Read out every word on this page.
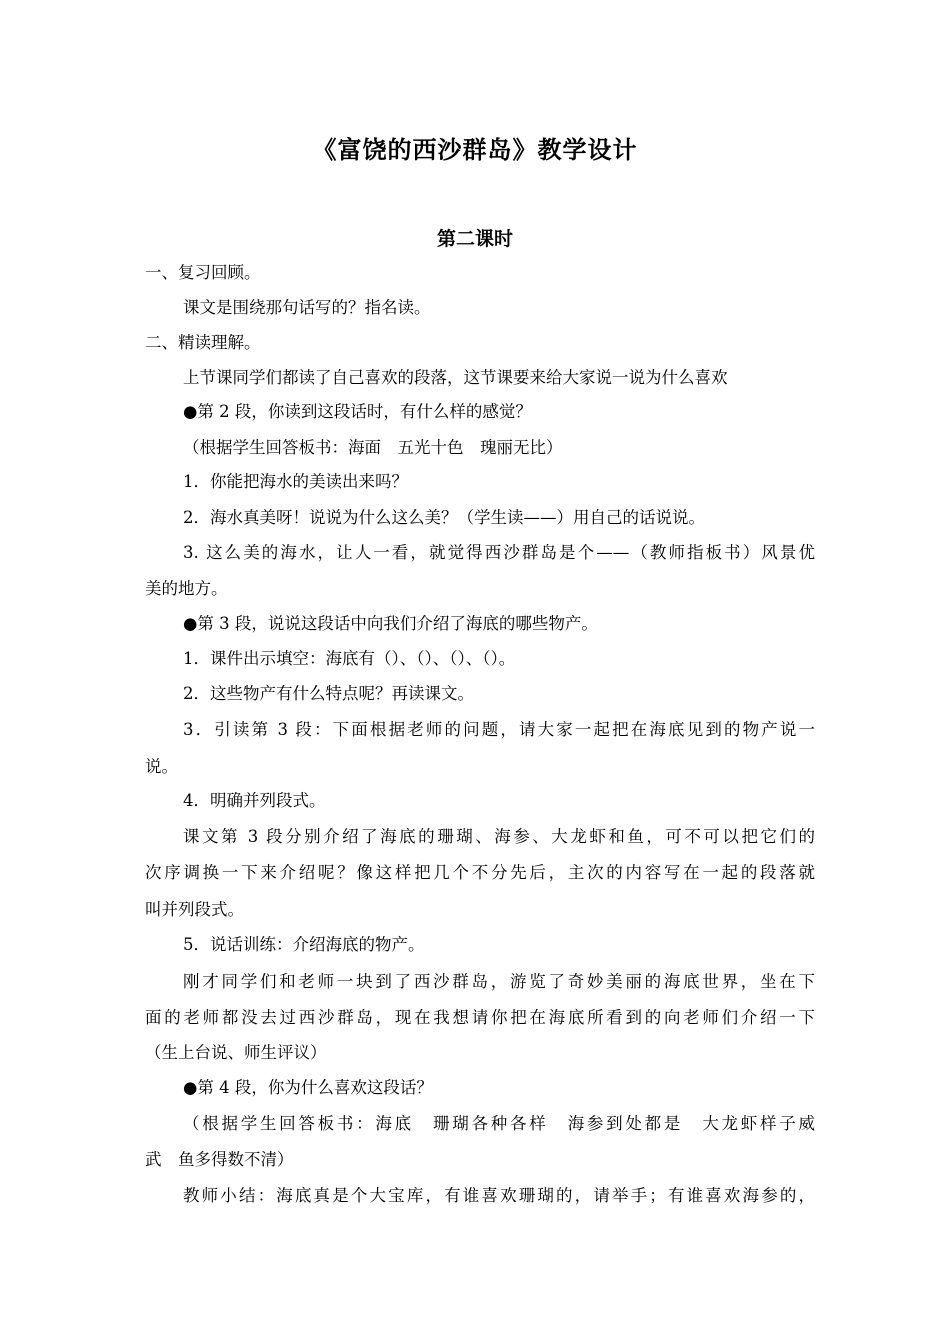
《富饶的西沙群岛》教学设计
第二课时
一、复习回顾。
课文是围绕那句话写的？指名读。
二、精读理解。
上节课同学们都读了自己喜欢的段落，这节课要来给大家说一说为什么喜欢
●第 2 段，你读到这段话时，有什么样的感觉？
（根据学生回答板书：海面　五光十色　瑰丽无比）
1．你能把海水的美读出来吗？
2．海水真美呀！说说为什么这么美？（学生读——）用自己的话说说。
3. 这么美的海水，让人一看，就觉得西沙群岛是个——（教师指板书）风景优
美的地方。
●第 3 段，说说这段话中向我们介绍了海底的哪些物产。
1．课件出示填空：海底有（）、（）、（）、（）。
2．这些物产有什么特点呢？再读课文。
3．引读第 3 段：下面根据老师的问题，请大家一起把在海底见到的物产说一
说。
4．明确并列段式。
课文第 3 段分别介绍了海底的珊瑚、海参、大龙虾和鱼，可不可以把它们的
次序调换一下来介绍呢？像这样把几个不分先后，主次的内容写在一起的段落就
叫并列段式。
5．说话训练：介绍海底的物产。
刚才同学们和老师一块到了西沙群岛，游览了奇妙美丽的海底世界，坐在下
面的老师都没去过西沙群岛，现在我想请你把在海底所看到的向老师们介绍一下
（生上台说、师生评议）
●第 4 段，你为什么喜欢这段话？
（根据学生回答板书：海底　珊瑚各种各样　海参到处都是　大龙虾样子威
武　鱼多得数不清）
教师小结：海底真是个大宝库，有谁喜欢珊瑚的，请举手；有谁喜欢海参的，
